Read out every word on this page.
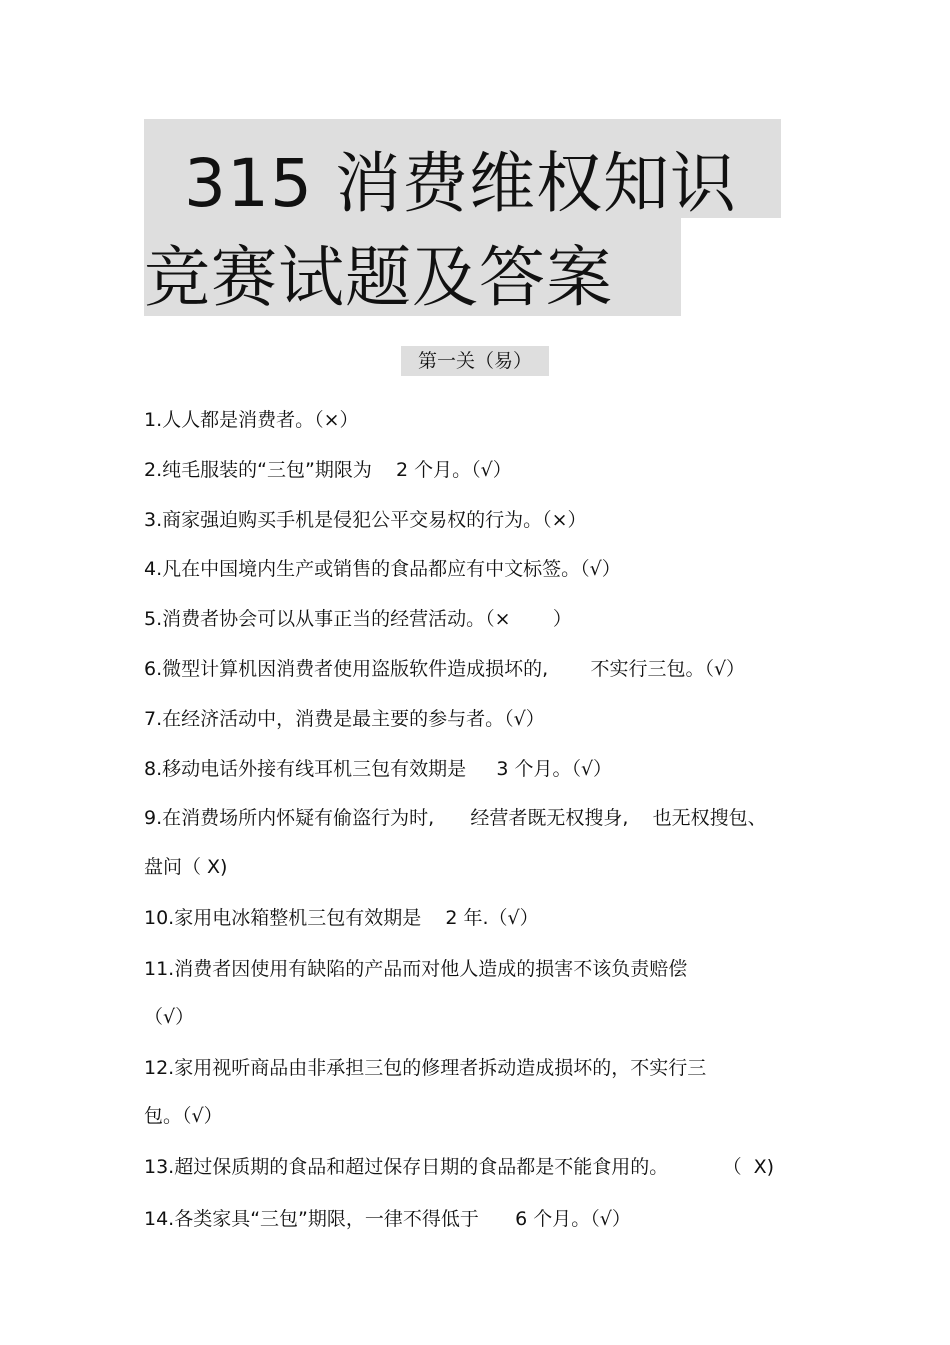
315 消费维权知识
竞赛试题及答案
第一关（易）
1.人人都是消费者。（×）
2.纯毛服装的“三包”期限为    2 个月。（√）
3.商家强迫购买手机是侵犯公平交易权的行为。（×）
4.凡在中国境内生产或销售的食品都应有中文标签。（√）
5.消费者协会可以从事正当的经营活动。（×       ）
6.微型计算机因消费者使用盗版软件造成损坏的,       不实行三包。（√）
7.在经济活动中，消费是最主要的参与者。（√）
8.移动电话外接有线耳机三包有效期是     3 个月。（√）
9.在消费场所内怀疑有偷盗行为时,      经营者既无权搜身,    也无权搜包、
盘问（ X)
10.家用电冰箱整机三包有效期是    2 年.（√）
11.消费者因使用有缺陷的产品而对他人造成的损害不该负责赔偿
（√）
12.家用视听商品由非承担三包的修理者拆动造成损坏的，不实行三
包。（√）
13.超过保质期的食品和超过保存日期的食品都是不能食用的。         （  X)
14.各类家具“三包”期限，一律不得低于      6 个月。（√）
